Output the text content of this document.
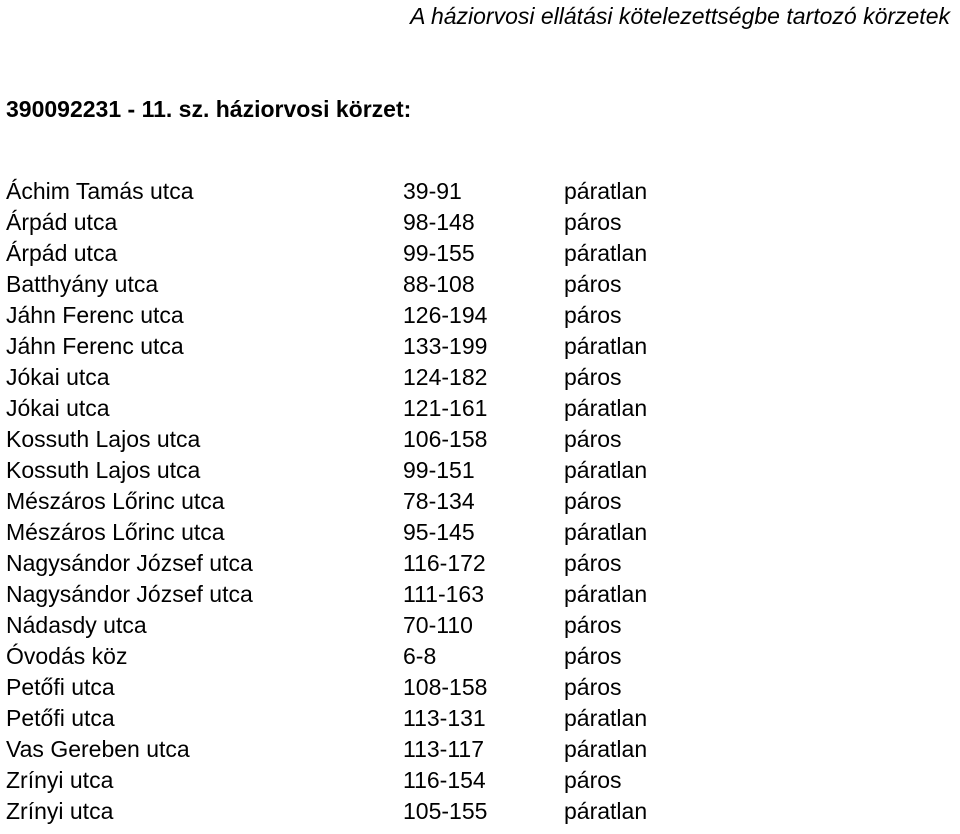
A háziorvosi ellátási kötelezettségbe tartozó körzetek
390092231 - 11. sz. háziorvosi körzet:
Áchim Tamás utca	39-91	páratlan
Árpád utca	98-148	páros
Árpád utca	99-155	páratlan
Batthyány utca	88-108	páros
Jáhn Ferenc utca	126-194	páros
Jáhn Ferenc utca	133-199	páratlan
Jókai utca	124-182	páros
Jókai utca	121-161	páratlan
Kossuth Lajos utca	106-158	páros
Kossuth Lajos utca	99-151	páratlan
Mészáros Lőrinc utca	78-134	páros
Mészáros Lőrinc utca	95-145	páratlan
Nagysándor József utca	116-172	páros
Nagysándor József utca	111-163	páratlan
Nádasdy utca	70-110	páros
Óvodás köz	6-8	páros
Petőfi utca	108-158	páros
Petőfi utca	113-131	páratlan
Vas Gereben utca	113-117	páratlan
Zrínyi utca	116-154	páros
Zrínyi utca	105-155	páratlan
